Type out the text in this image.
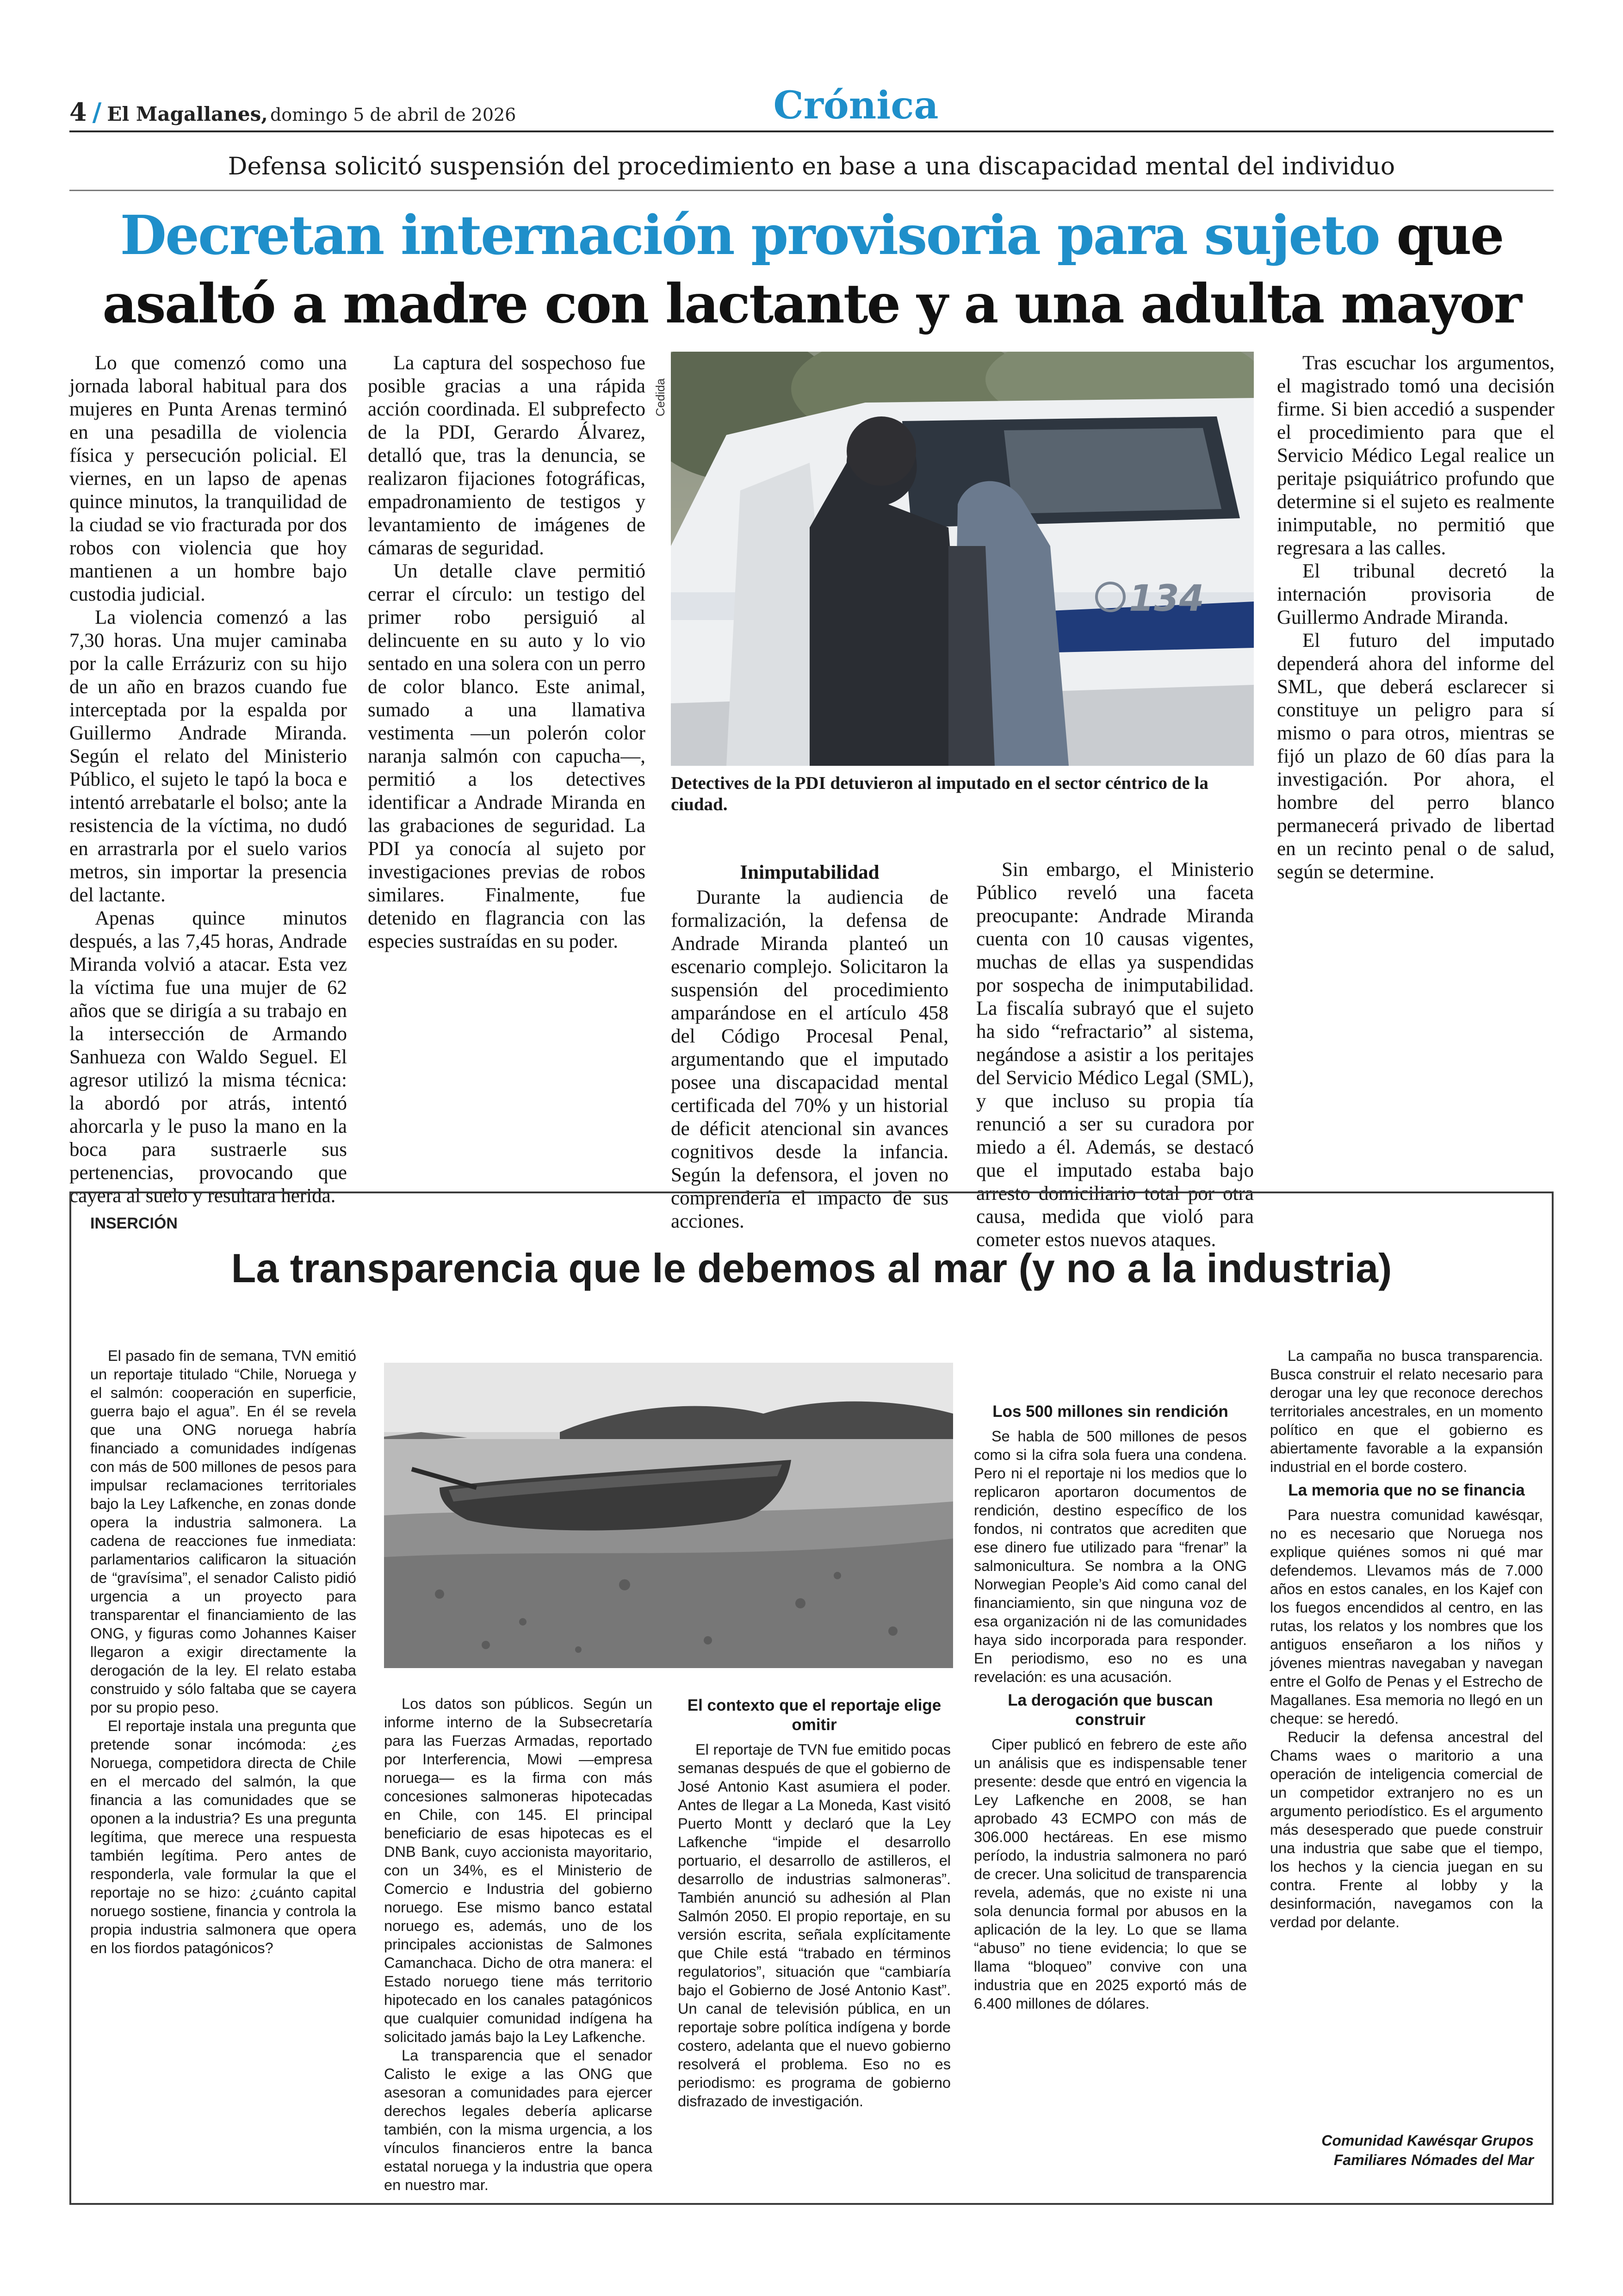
4 / El Magallanes, domingo 5 de abril de 2026	Crónica
Defensa solicitó suspensión del procedimiento en base a una discapacidad mental del individuo
Decretan internación provisoria para sujeto que
asaltó a madre con lactante y a una adulta mayor

Lo que comenzó como una jornada laboral habitual para dos mujeres en Punta Arenas terminó en una pesadilla de violencia física y persecución policial. El viernes, en un lapso de apenas quince minutos, la tranquilidad de la ciudad se vio fracturada por dos robos con violencia que hoy mantienen a un hombre bajo custodia judicial.

La violencia comenzó a las 7,30 horas. Una mujer caminaba por la calle Errázuriz con su hijo de un año en brazos cuando fue interceptada por la espalda por Guillermo Andrade Miranda. Según el relato del Ministerio Público, el sujeto le tapó la boca e intentó arrebatarle el bolso; ante la resistencia de la víctima, no dudó en arrastrarla por el suelo varios metros, sin importar la presencia del lactante.

Apenas quince minutos después, a las 7,45 horas, Andrade Miranda volvió a atacar. Esta vez la víctima fue una mujer de 62 años que se dirigía a su trabajo en la intersección de Armando Sanhueza con Waldo Seguel. El agresor utilizó la misma técnica: la abordó por atrás, intentó ahorcarla y le puso la mano en la boca para sustraerle sus pertenencias, provocando que cayera al suelo y resultara herida.

La captura del sospechoso fue posible gracias a una rápida acción coordinada. El subprefecto de la PDI, Gerardo Álvarez, detalló que, tras la denuncia, se realizaron fijaciones fotográficas, empadronamiento de testigos y levantamiento de imágenes de cámaras de seguridad.

Un detalle clave permitió cerrar el círculo: un testigo del primer robo persiguió al delincuente en su auto y lo vio sentado en una solera con un perro de color blanco. Este animal, sumado a una llamativa vestimenta —un polerón color naranja salmón con capucha—, permitió a los detectives identificar a Andrade Miranda en las grabaciones de seguridad. La PDI ya conocía al sujeto por investigaciones previas de robos similares. Finalmente, fue detenido en flagrancia con las especies sustraídas en su poder.

Cedida
134
Detectives de la PDI detuvieron al imputado en el sector céntrico de la ciudad.

Inimputabilidad

Durante la audiencia de formalización, la defensa de Andrade Miranda planteó un escenario complejo. Solicitaron la suspensión del procedimiento amparándose en el artículo 458 del Código Procesal Penal, argumentando que el imputado posee una discapacidad mental certificada del 70% y un historial de déficit atencional sin avances cognitivos desde la infancia. Según la defensora, el joven no comprendería el impacto de sus acciones.

Sin embargo, el Ministerio Público reveló una faceta preocupante: Andrade Miranda cuenta con 10 causas vigentes, muchas de ellas ya suspendidas por sospecha de inimputabilidad. La fiscalía subrayó que el sujeto ha sido “refractario” al sistema, negándose a asistir a los peritajes del Servicio Médico Legal (SML), y que incluso su propia tía renunció a ser su curadora por miedo a él. Además, se destacó que el imputado estaba bajo arresto domiciliario total por otra causa, medida que violó para cometer estos nuevos ataques.

Tras escuchar los argumentos, el magistrado tomó una decisión firme. Si bien accedió a suspender el procedimiento para que el Servicio Médico Legal realice un peritaje psiquiátrico profundo que determine si el sujeto es realmente inimputable, no permitió que regresara a las calles.

El tribunal decretó la internación provisoria de Guillermo Andrade Miranda.

El futuro del imputado dependerá ahora del informe del SML, que deberá esclarecer si constituye un peligro para sí mismo o para otros, mientras se fijó un plazo de 60 días para la investigación. Por ahora, el hombre del perro blanco permanecerá privado de libertad en un recinto penal o de salud, según se determine.

INSERCIÓN
La transparencia que le debemos al mar (y no a la industria)

El pasado fin de semana, TVN emitió un reportaje titulado “Chile, Noruega y el salmón: cooperación en superficie, guerra bajo el agua”. En él se revela que una ONG noruega habría financiado a comunidades indígenas con más de 500 millones de pesos para impulsar reclamaciones territoriales bajo la Ley Lafkenche, en zonas donde opera la industria salmonera. La cadena de reacciones fue inmediata: parlamentarios calificaron la situación de “gravísima”, el senador Calisto pidió urgencia a un proyecto para transparentar el financiamiento de las ONG, y figuras como Johannes Kaiser llegaron a exigir directamente la derogación de la ley. El relato estaba construido y sólo faltaba que se cayera por su propio peso.

El reportaje instala una pregunta que pretende sonar incómoda: ¿es Noruega, competidora directa de Chile en el mercado del salmón, la que financia a las comunidades que se oponen a la industria? Es una pregunta legítima, que merece una respuesta también legítima. Pero antes de responderla, vale formular la que el reportaje no se hizo: ¿cuánto capital noruego sostiene, financia y controla la propia industria salmonera que opera en los fiordos patagónicos?

Los datos son públicos. Según un informe interno de la Subsecretaría para las Fuerzas Armadas, reportado por Interferencia, Mowi —empresa noruega— es la firma con más concesiones salmoneras hipotecadas en Chile, con 145. El principal beneficiario de esas hipotecas es el DNB Bank, cuyo accionista mayoritario, con un 34%, es el Ministerio de Comercio e Industria del gobierno noruego. Ese mismo banco estatal noruego es, además, uno de los principales accionistas de Salmones Camanchaca. Dicho de otra manera: el Estado noruego tiene más territorio hipotecado en los canales patagónicos que cualquier comunidad indígena ha solicitado jamás bajo la Ley Lafkenche.

La transparencia que el senador Calisto le exige a las ONG que asesoran a comunidades para ejercer derechos legales debería aplicarse también, con la misma urgencia, a los vínculos financieros entre la banca estatal noruega y la industria que opera en nuestro mar.

El contexto que el reportaje elige omitir

El reportaje de TVN fue emitido pocas semanas después de que el gobierno de José Antonio Kast asumiera el poder. Antes de llegar a La Moneda, Kast visitó Puerto Montt y declaró que la Ley Lafkenche “impide el desarrollo portuario, el desarrollo de astilleros, el desarrollo de industrias salmoneras”. También anunció su adhesión al Plan Salmón 2050. El propio reportaje, en su versión escrita, señala explícitamente que Chile está “trabado en términos regulatorios”, situación que “cambiaría bajo el Gobierno de José Antonio Kast”. Un canal de televisión pública, en un reportaje sobre política indígena y borde costero, adelanta que el nuevo gobierno resolverá el problema. Eso no es periodismo: es programa de gobierno disfrazado de investigación.

Los 500 millones sin rendición

Se habla de 500 millones de pesos como si la cifra sola fuera una condena. Pero ni el reportaje ni los medios que lo replicaron aportaron documentos de rendición, destino específico de los fondos, ni contratos que acrediten que ese dinero fue utilizado para “frenar” la salmonicultura. Se nombra a la ONG Norwegian People’s Aid como canal del financiamiento, sin que ninguna voz de esa organización ni de las comunidades haya sido incorporada para responder. En periodismo, eso no es una revelación: es una acusación.

La derogación que buscan construir

Ciper publicó en febrero de este año un análisis que es indispensable tener presente: desde que entró en vigencia la Ley Lafkenche en 2008, se han aprobado 43 ECMPO con más de 306.000 hectáreas. En ese mismo período, la industria salmonera no paró de crecer. Una solicitud de transparencia revela, además, que no existe ni una sola denuncia formal por abusos en la aplicación de la ley. Lo que se llama “abuso” no tiene evidencia; lo que se llama “bloqueo” convive con una industria que en 2025 exportó más de 6.400 millones de dólares.

La campaña no busca transparencia. Busca construir el relato necesario para derogar una ley que reconoce derechos territoriales ancestrales, en un momento político en que el gobierno es abiertamente favorable a la expansión industrial en el borde costero.

La memoria que no se financia

Para nuestra comunidad kawésqar, no es necesario que Noruega nos explique quiénes somos ni qué mar defendemos. Llevamos más de 7.000 años en estos canales, en los Kajef con los fuegos encendidos al centro, en las rutas, los relatos y los nombres que los antiguos enseñaron a los niños y jóvenes mientras navegaban y navegan entre el Golfo de Penas y el Estrecho de Magallanes. Esa memoria no llegó en un cheque: se heredó.

Reducir la defensa ancestral del Chams waes o maritorio a una operación de inteligencia comercial de un competidor extranjero no es un argumento periodístico. Es el argumento más desesperado que puede construir una industria que sabe que el tiempo, los hechos y la ciencia juegan en su contra. Frente al lobby y la desinformación, navegamos con la verdad por delante.

Comunidad Kawésqar Grupos
Familiares Nómades del Mar
